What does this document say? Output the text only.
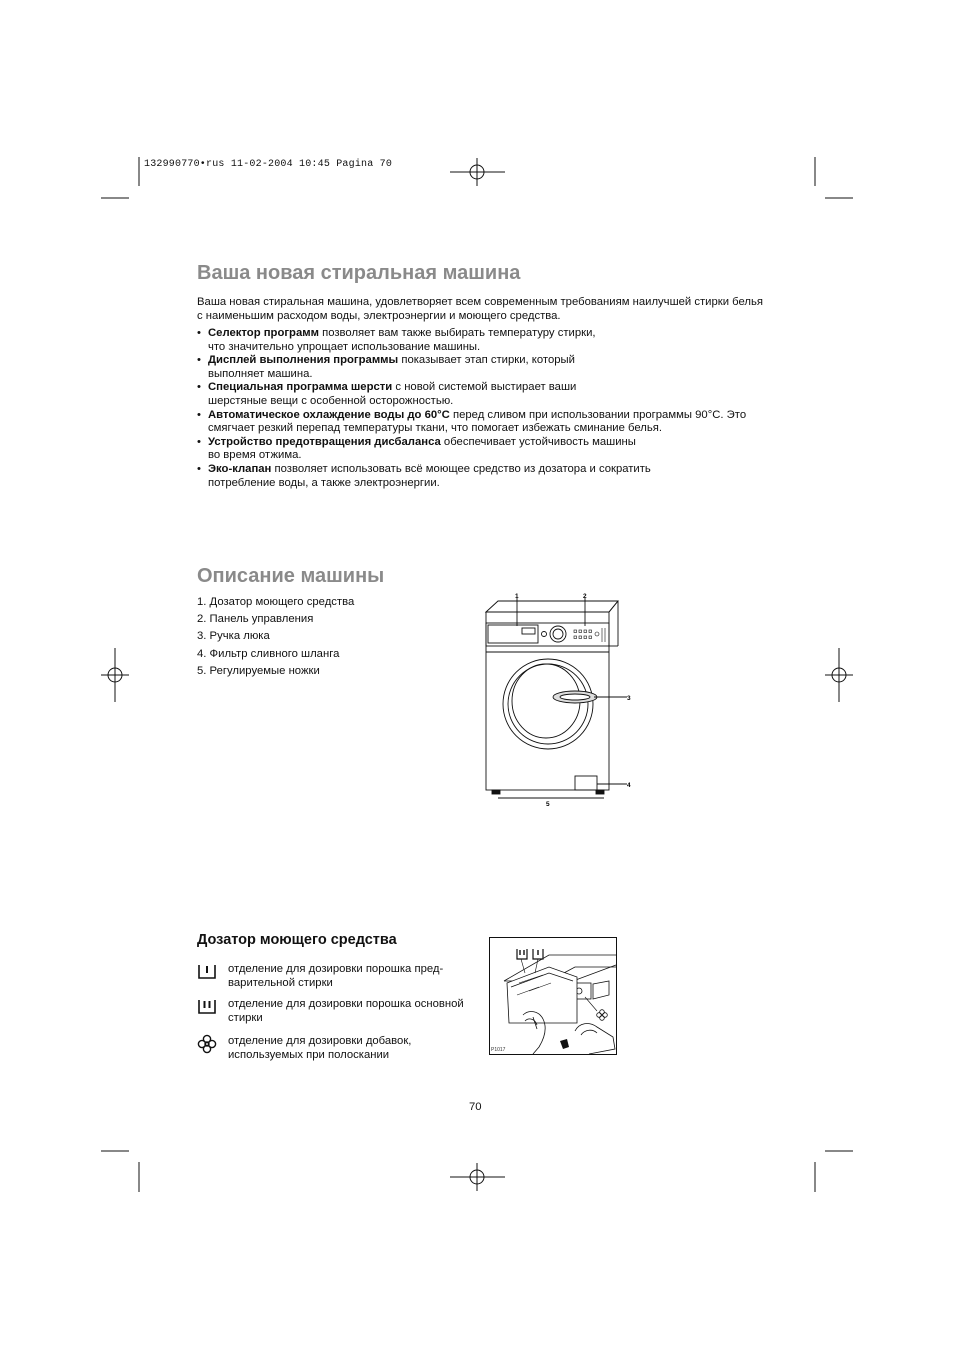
132990770•rus 11-02-2004 10:45 Pagina 70
Ваша новая стиральная машина
Ваша новая стиральная машина, удовлетворяет всем современным требованиям наилучшей стирки белья с наименьшим расходом воды, электроэнергии и моющего средства.
• Селектор программ позволяет вам также выбирать температуру стирки, что значительно упрощает использование машины.
• Дисплей выполнения программы показывает этап стирки, который выполняет машина.
• Специальная программа шерсти с новой системой выстирает ваши шерстяные вещи с особенной осторожностью.
• Автоматическое охлаждение воды до 60°C перед сливом при использовании программы 90°C. Это смягчает резкий перепад температуры ткани, что помогает избежать сминание белья.
• Устройство предотвращения дисбаланса обеспечивает устойчивость машины во время отжима.
• Эко-клапан позволяет использовать всё моющее средство из дозатора и сократить потребление воды, а также электроэнергии.
Описание машины
1. Дозатор моющего средства
2. Панель управления
3. Ручка люка
4. Фильтр сливного шланга
5. Регулируемые ножки
1	2
3
4
5
Дозатор моющего средства
отделение для дозировки порошка пред-варительной стирки
отделение для дозировки порошка основной стирки
отделение для дозировки добавок, используемых при полоскании	P1017
70
